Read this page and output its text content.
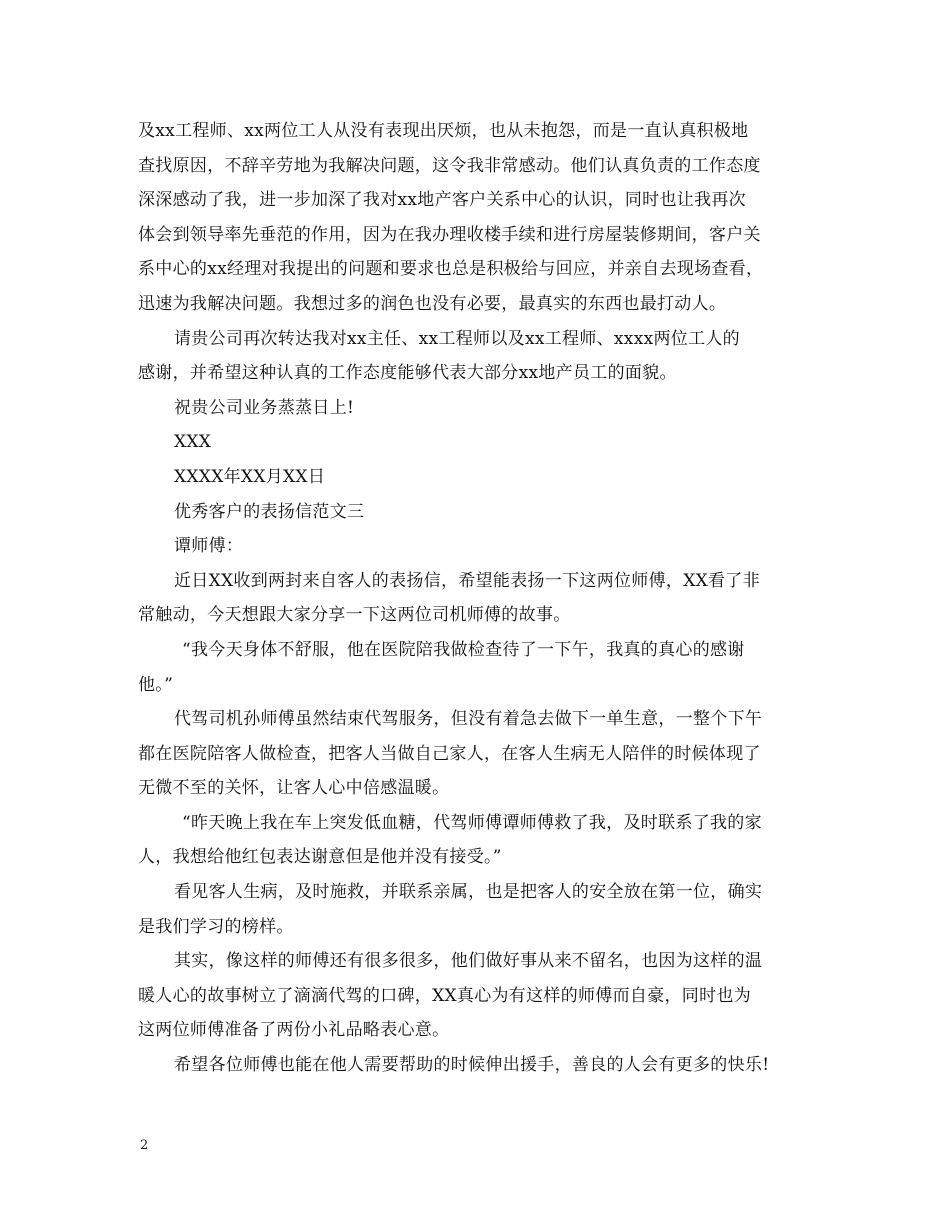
及xx工程师、xx两位工人从没有表现出厌烦，也从未抱怨，而是一直认真积极地
查找原因，不辞辛劳地为我解决问题，这令我非常感动。他们认真负责的工作态度
深深感动了我，进一步加深了我对xx地产客户关系中心的认识，同时也让我再次
体会到领导率先垂范的作用，因为在我办理收楼手续和进行房屋装修期间，客户关
系中心的xx经理对我提出的问题和要求也总是积极给与回应，并亲自去现场查看，
迅速为我解决问题。我想过多的润色也没有必要，最真实的东西也最打动人。
请贵公司再次转达我对xx主任、xx工程师以及xx工程师、xxxx两位工人的
感谢，并希望这种认真的工作态度能够代表大部分xx地产员工的面貌。
祝贵公司业务蒸蒸日上!
XXX
XXXX年XX月XX日
优秀客户的表扬信范文三
谭师傅：
近日XX收到两封来自客人的表扬信，希望能表扬一下这两位师傅，XX看了非
常触动，今天想跟大家分享一下这两位司机师傅的故事。
“我今天身体不舒服，他在医院陪我做检查待了一下午，我真的真心的感谢
他。”
代驾司机孙师傅虽然结束代驾服务，但没有着急去做下一单生意，一整个下午
都在医院陪客人做检查，把客人当做自己家人，在客人生病无人陪伴的时候体现了
无微不至的关怀，让客人心中倍感温暖。
“昨天晚上我在车上突发低血糖，代驾师傅谭师傅救了我，及时联系了我的家
人，我想给他红包表达谢意但是他并没有接受。”
看见客人生病，及时施救，并联系亲属，也是把客人的安全放在第一位，确实
是我们学习的榜样。
其实，像这样的师傅还有很多很多，他们做好事从来不留名，也因为这样的温
暖人心的故事树立了滴滴代驾的口碑，XX真心为有这样的师傅而自豪，同时也为
这两位师傅准备了两份小礼品略表心意。
希望各位师傅也能在他人需要帮助的时候伸出援手，善良的人会有更多的快乐!
2
